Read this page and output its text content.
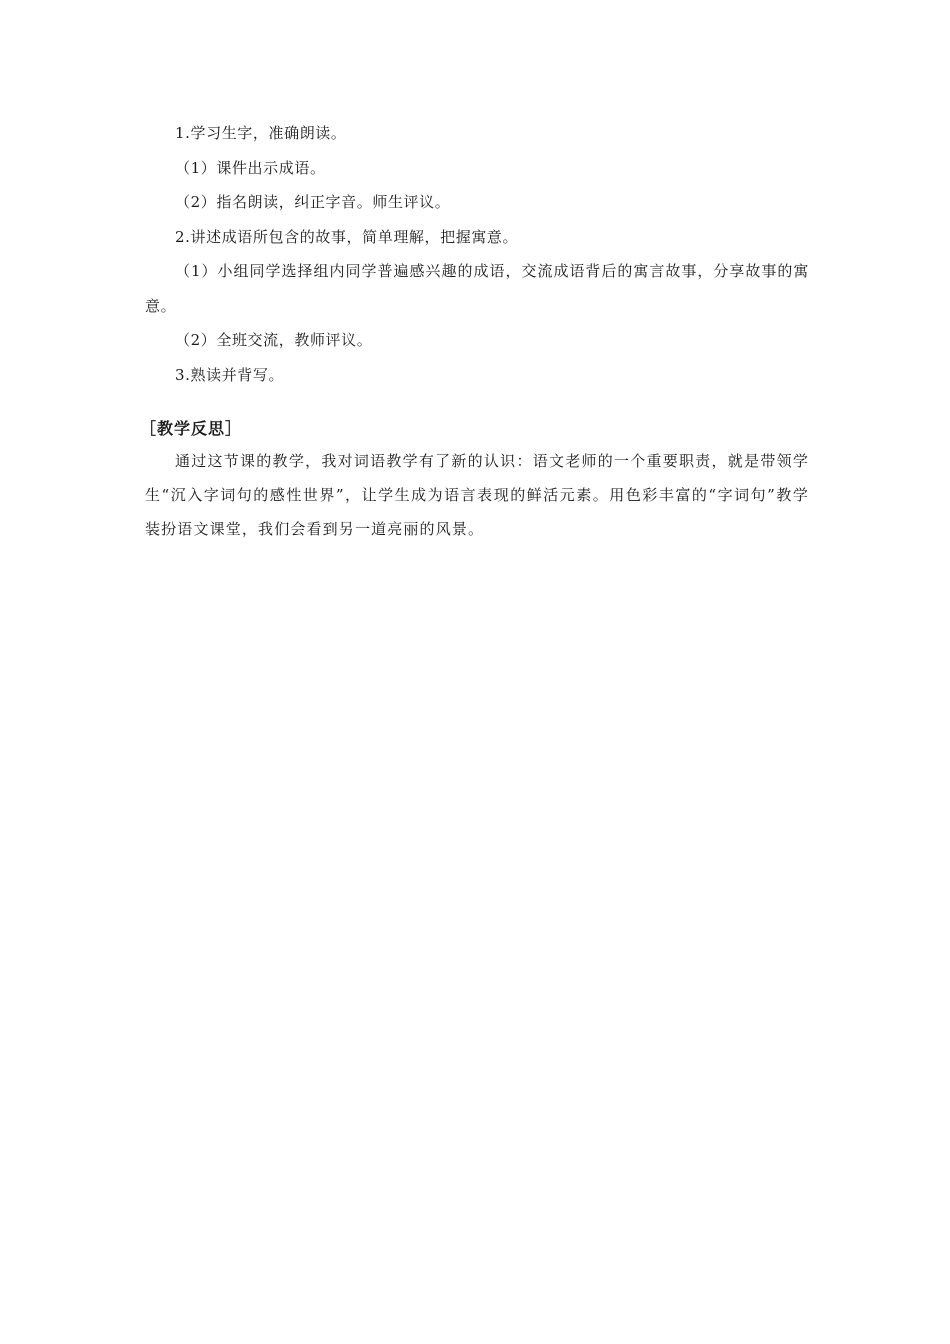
1.学习生字，准确朗读。

（1）课件出示成语。

（2）指名朗读，纠正字音。师生评议。

2.讲述成语所包含的故事，简单理解，把握寓意。

（1）小组同学选择组内同学普遍感兴趣的成语，交流成语背后的寓言故事，分享故事的寓意。

（2）全班交流，教师评议。

3.熟读并背写。

［教学反思］

通过这节课的教学，我对词语教学有了新的认识：语文老师的一个重要职责，就是带领学生“沉入字词句的感性世界”，让学生成为语言表现的鲜活元素。用色彩丰富的“字词句”教学装扮语文课堂，我们会看到另一道亮丽的风景。
